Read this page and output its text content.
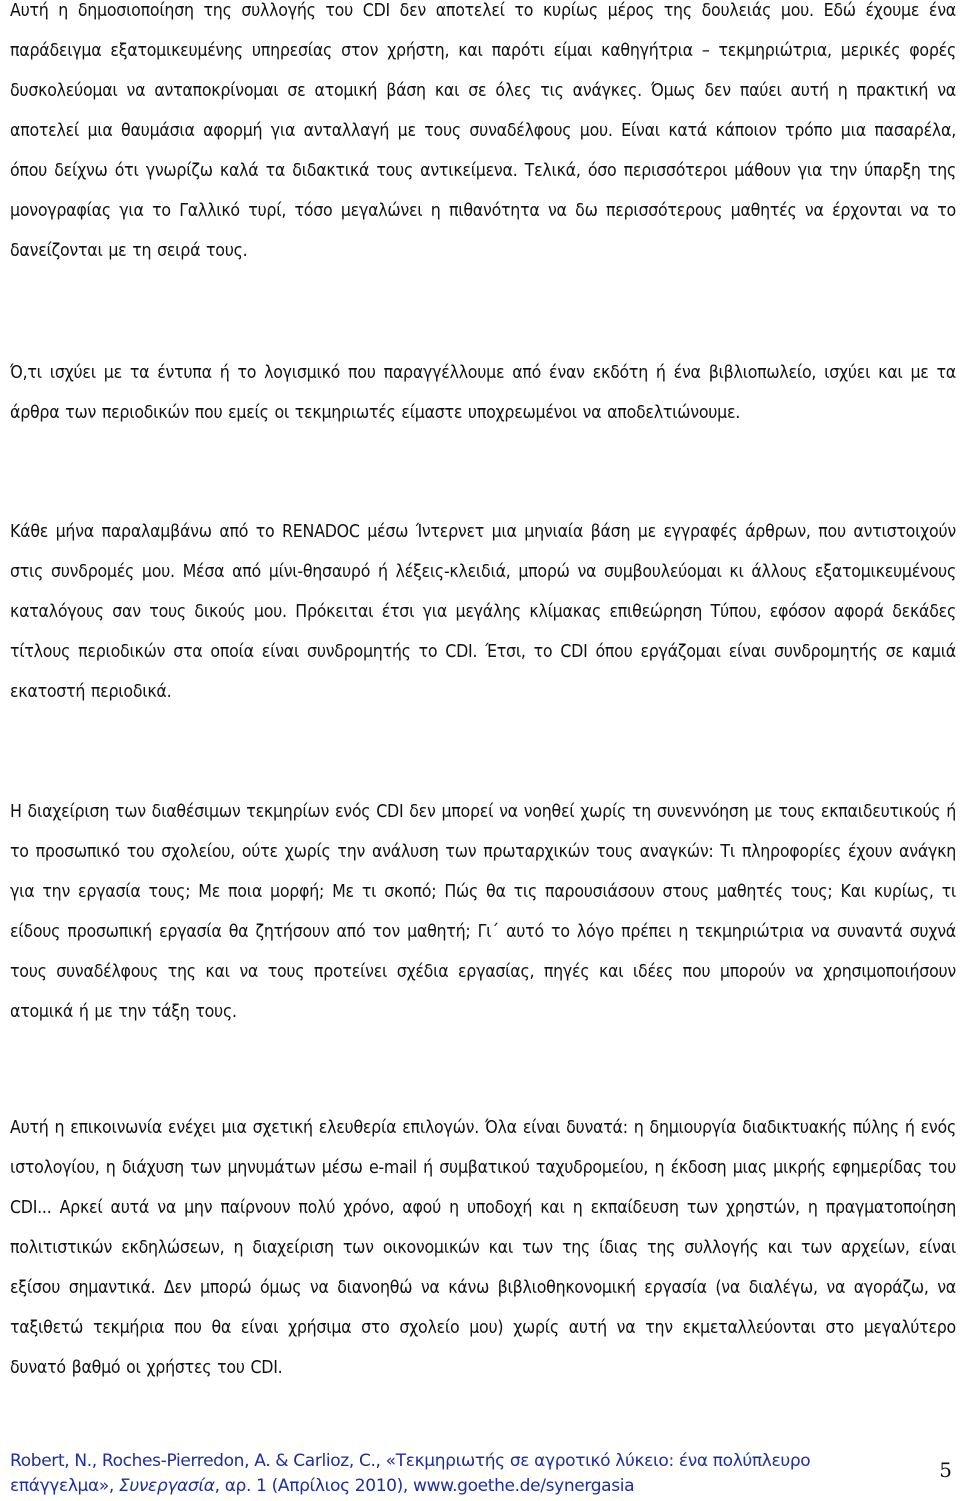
Αυτή η δημοσιοποίηση της συλλογής του CDI δεν αποτελεί το κυρίως μέρος της δουλειάς μου. Εδώ έχουμε ένα παράδειγμα εξατομικευμένης υπηρεσίας στον χρήστη, και παρότι είμαι καθηγήτρια – τεκμηριώτρια, μερικές φορές δυσκολεύομαι να ανταποκρίνομαι σε ατομική βάση και σε όλες τις ανάγκες. Όμως δεν παύει αυτή η πρακτική να αποτελεί μια θαυμάσια αφορμή για ανταλλαγή με τους συναδέλφους μου. Είναι κατά κάποιον τρόπο μια πασαρέλα, όπου δείχνω ότι γνωρίζω καλά τα διδακτικά τους αντικείμενα. Τελικά, όσο περισσότεροι μάθουν για την ύπαρξη της μονογραφίας για το Γαλλικό τυρί, τόσο μεγαλώνει η πιθανότητα να δω περισσότερους μαθητές να έρχονται να το δανείζονται με τη σειρά τους.

Ό,τι ισχύει με τα έντυπα ή το λογισμικό που παραγγέλλουμε από έναν εκδότη ή ένα βιβλιοπωλείο, ισχύει και με τα άρθρα των περιοδικών που εμείς οι τεκμηριωτές είμαστε υποχρεωμένοι να αποδελτιώνουμε.

Κάθε μήνα παραλαμβάνω από το RENADOC μέσω Ίντερνετ μια μηνιαία βάση με εγγραφές άρθρων, που αντιστοιχούν στις συνδρομές μου. Μέσα από μίνι-θησαυρό ή λέξεις-κλειδιά, μπορώ να συμβουλεύομαι κι άλλους εξατομικευμένους καταλόγους σαν τους δικούς μου. Πρόκειται έτσι για μεγάλης κλίμακας επιθεώρηση Τύπου, εφόσον αφορά δεκάδες τίτλους περιοδικών στα οποία είναι συνδρομητής το CDI. Έτσι, το CDI όπου εργάζομαι είναι συνδρομητής σε καμιά εκατοστή περιοδικά.

Η διαχείριση των διαθέσιμων τεκμηρίων ενός CDI δεν μπορεί να νοηθεί χωρίς τη συνεννόηση με τους εκπαιδευτικούς ή το προσωπικό του σχολείου, ούτε χωρίς την ανάλυση των πρωταρχικών τους αναγκών: Τι πληροφορίες έχουν ανάγκη για την εργασία τους; Με ποια μορφή; Με τι σκοπό; Πώς θα τις παρουσιάσουν στους μαθητές τους; Και κυρίως, τι είδους προσωπική εργασία θα ζητήσουν από τον μαθητή; Γι΄ αυτό το λόγο πρέπει η τεκμηριώτρια να συναντά συχνά τους συναδέλφους της και να τους προτείνει σχέδια εργασίας, πηγές και ιδέες που μπορούν να χρησιμοποιήσουν ατομικά ή με την τάξη τους.

Αυτή η επικοινωνία ενέχει μια σχετική ελευθερία επιλογών. Όλα είναι δυνατά: η δημιουργία διαδικτυακής πύλης ή ενός ιστολογίου, η διάχυση των μηνυμάτων μέσω e-mail ή συμβατικού ταχυδρομείου, η έκδοση μιας μικρής εφημερίδας του CDI... Αρκεί αυτά να μην παίρνουν πολύ χρόνο, αφού η υποδοχή και η εκπαίδευση των χρηστών, η πραγματοποίηση πολιτιστικών εκδηλώσεων, η διαχείριση των οικονομικών και των της ίδιας της συλλογής και των αρχείων, είναι εξίσου σημαντικά. Δεν μπορώ όμως να διανοηθώ να κάνω βιβλιοθηκονομική εργασία (να διαλέγω, να αγοράζω, να ταξιθετώ τεκμήρια που θα είναι χρήσιμα στο σχολείο μου) χωρίς αυτή να την εκμεταλλεύονται στο μεγαλύτερο δυνατό βαθμό οι χρήστες του CDI.

Robert, N., Roches-Pierredon, A. & Carlioz, C., «Τεκμηριωτής σε αγροτικό λύκειο: ένα πολύπλευρο επάγγελμα», Συνεργασία, αρ. 1 (Απρίλιος 2010), www.goethe.de/synergasia

5
